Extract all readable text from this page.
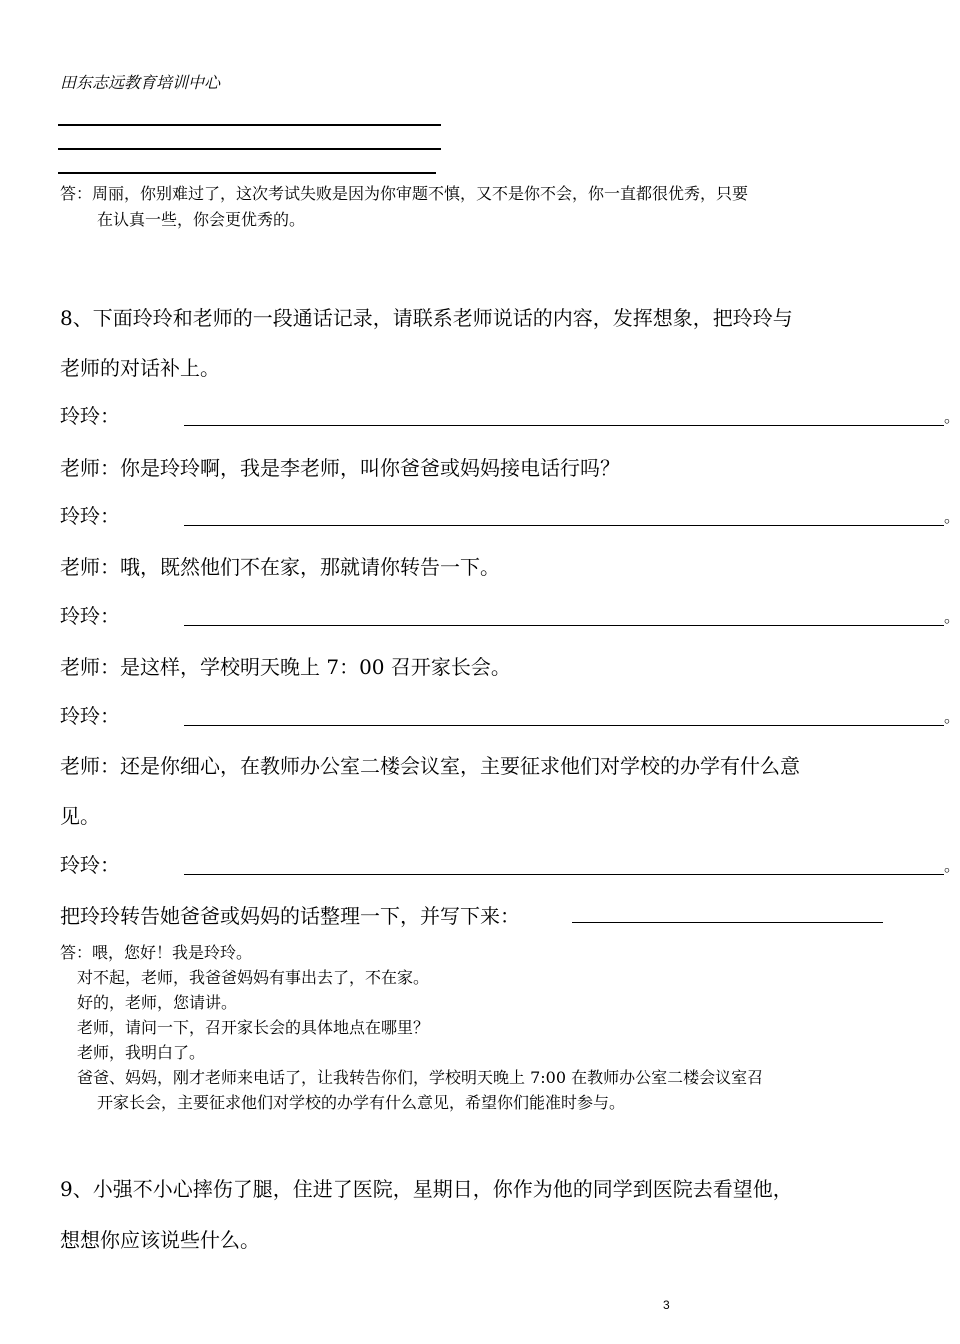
田东志远教育培训中心
答：周丽，你别难过了，这次考试失败是因为你审题不慎，又不是你不会，你一直都很优秀，只要
在认真一些，你会更优秀的。
8、下面玲玲和老师的一段通话记录，请联系老师说话的内容，发挥想象，把玲玲与
老师的对话补上。
玲玲：	。
老师：你是玲玲啊，我是李老师，叫你爸爸或妈妈接电话行吗？
玲玲：	。
老师：哦，既然他们不在家，那就请你转告一下。
玲玲：	。
老师：是这样，学校明天晚上 7：00 召开家长会。
玲玲：	。
老师：还是你细心，在教师办公室二楼会议室，主要征求他们对学校的办学有什么意
见。
玲玲：	。
把玲玲转告她爸爸或妈妈的话整理一下，并写下来：
答：喂，您好！我是玲玲。
对不起，老师，我爸爸妈妈有事出去了，不在家。
好的，老师，您请讲。
老师，请问一下，召开家长会的具体地点在哪里？
老师，我明白了。
爸爸、妈妈，刚才老师来电话了，让我转告你们，学校明天晚上 7:00 在教师办公室二楼会议室召
开家长会，主要征求他们对学校的办学有什么意见，希望你们能准时参与。
9、小强不小心摔伤了腿，住进了医院，星期日，你作为他的同学到医院去看望他，
想想你应该说些什么。
3
